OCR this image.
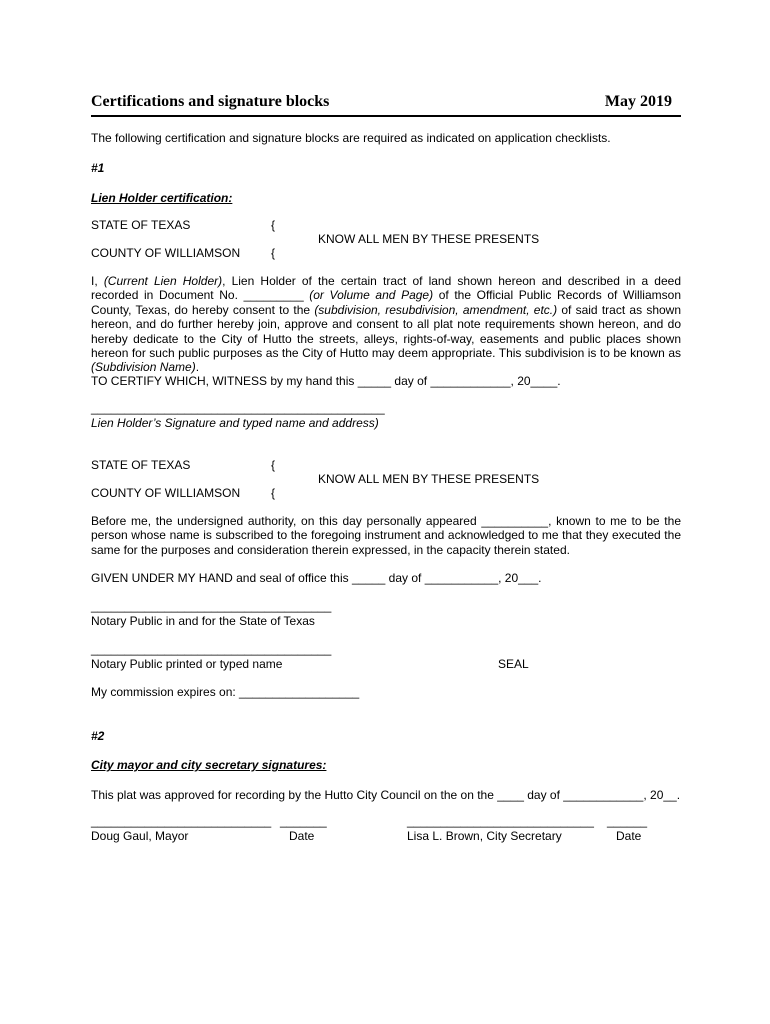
Certifications and signature blocks	May 2019
The following certification and signature blocks are required as indicated on application checklists.
#1
Lien Holder certification:
STATE OF TEXAS	{
KNOW ALL MEN BY THESE PRESENTS
COUNTY OF WILLIAMSON	{
I, (Current Lien Holder), Lien Holder of the certain tract of land shown hereon and described in a deed recorded in Document No. _________ (or Volume and Page) of the Official Public Records of Williamson County, Texas, do hereby consent to the (subdivision, resubdivision, amendment, etc.) of said tract as shown hereon, and do further hereby join, approve and consent to all plat note requirements shown hereon, and do hereby dedicate to the City of Hutto the streets, alleys, rights-of-way, easements and public places shown hereon for such public purposes as the City of Hutto may deem appropriate. This subdivision is to be known as (Subdivision Name).
TO CERTIFY WHICH, WITNESS by my hand this _____ day of ____________, 20____.
____________________________________________
Lien Holder’s Signature and typed name and address)
STATE OF TEXAS	{
KNOW ALL MEN BY THESE PRESENTS
COUNTY OF WILLIAMSON	{
Before me, the undersigned authority, on this day personally appeared __________, known to me to be the person whose name is subscribed to the foregoing instrument and acknowledged to me that they executed the same for the purposes and consideration therein expressed, in the capacity therein stated.
GIVEN UNDER MY HAND and seal of office this _____ day of ___________, 20___.
____________________________________
Notary Public in and for the State of Texas
____________________________________
Notary Public printed or typed name	SEAL
My commission expires on: __________________
#2
City mayor and city secretary signatures:
This plat was approved for recording by the Hutto City Council on the on the ____ day of ____________, 20__.
___________________________ _______	____________________________ ______
Doug Gaul, Mayor	Date	Lisa L. Brown, City Secretary	Date
